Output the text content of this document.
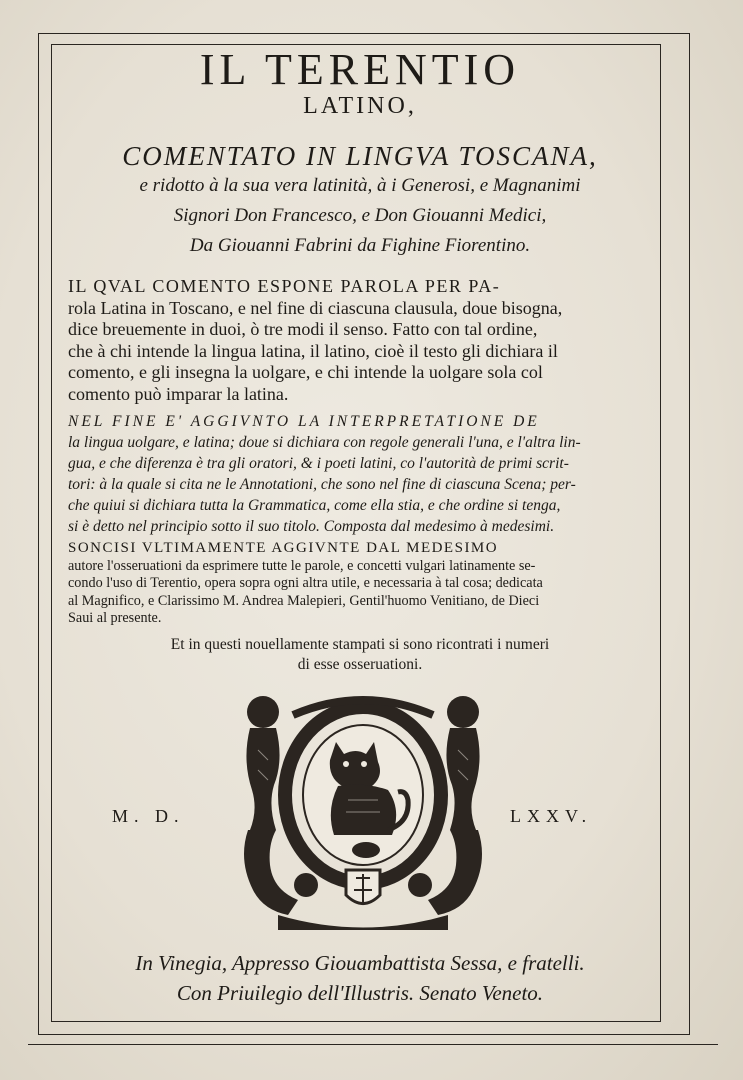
IL TERENTIO
LATINO,
COMENTATO IN LINGVA TOSCANA,
e ridotto à la sua vera latinità, à i Generosi, e Magnanimi
Signori Don Francesco, e Don Giouanni Medici,
Da Giouanni Fabrini da Fighine Fiorentino.
IL QVAL COMENTO ESPONE PAROLA PER PA-
rola Latina in Toscano, e nel fine di ciascuna clausula, doue bisogna,
dice breuemente in duoi, ò tre modi il senso. Fatto con tal ordine,
che à chi intende la lingua latina, il latino, cioè il testo gli dichiara il
comento, e gli insegna la uolgare, e chi intende la uolgare sola col
comento può imparar la latina.
NEL FINE E' AGGIVNTO LA INTERPRETATIONE DE
la lingua uolgare, e latina; doue si dichiara con regole generali l'una, e l'altra lin-
gua, e che diferenza è tra gli oratori, & i poeti latini, co l'autorità de primi scrit-
tori: à la quale si cita ne le Annotationi, che sono nel fine di ciascuna Scena; per-
che quiui si dichiara tutta la Grammatica, come ella stia, e che ordine si tenga,
si è detto nel principio sotto il suo titolo. Composta dal medesimo à medesimi.
SONCISI VLTIMAMENTE AGGIVNTE DAL MEDESIMO
autore l'osseruationi da esprimere tutte le parole, e concetti vulgari latinamente se-
condo l'uso di Terentio, opera sopra ogni altra utile, e necessaria à tal cosa; dedicata
al Magnifico, e Clarissimo M. Andrea Malepieri, Gentil'huomo Venitiano, de Dieci
Saui al presente.
Et in questi nouellamente stampati si sono ricontrati i numeri
di esse osseruationi.
M. D.	LXXV.
In Vinegia, Appresso Giouambattista Sessa, e fratelli.
Con Priuilegio dell'Illustris. Senato Veneto.
